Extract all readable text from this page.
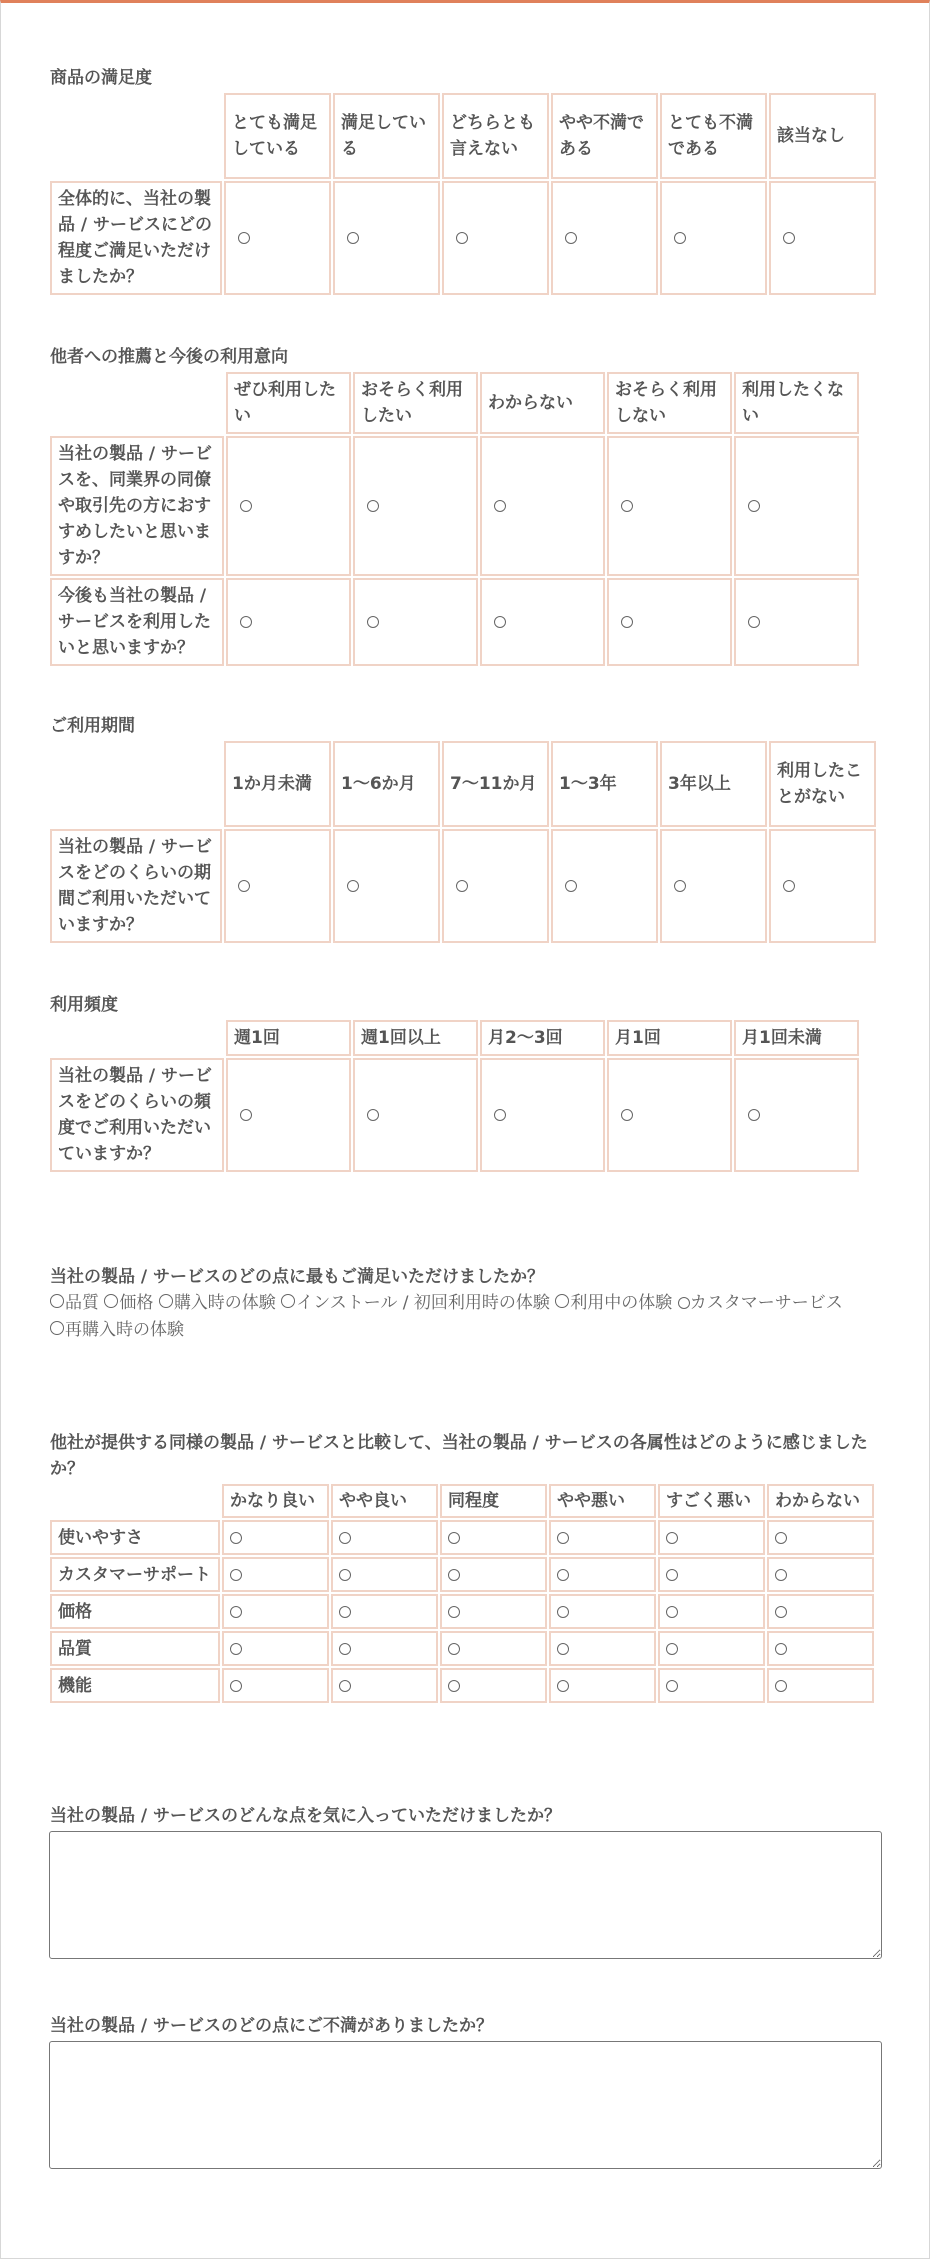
商品の満足度
	とても満足している	満足している	どちらとも言えない	やや不満である	とても不満である	該当なし
全体的に、当社の製品 / サービスにどの程度ご満足いただけましたか？						
他者への推薦と今後の利用意向
	ぜひ利用したい	おそらく利用したい	わからない	おそらく利用しない	利用したくない
当社の製品 / サービスを、同業界の同僚や取引先の方におすすめしたいと思いますか？					
今後も当社の製品 / サービスを利用したいと思いますか？					
ご利用期間
	1か月未満	1〜6か月	7〜11か月	1〜3年	3年以上	利用したことがない
当社の製品 / サービスをどのくらいの期間ご利用いただいていますか？						
利用頻度
	週1回	週1回以上	月2〜3回	月1回	月1回未満
当社の製品 / サービスをどのくらいの頻度でご利用いただいていますか？					
当社の製品 / サービスのどの点に最もご満足いただけましたか？
品質 価格 購入時の体験 インストール / 初回利用時の体験 利用中の体験 カスタマーサービス 再購入時の体験
他社が提供する同様の製品 / サービスと比較して、当社の製品 / サービスの各属性はどのように感じましたか？
	かなり良い	やや良い	同程度	やや悪い	すごく悪い	わからない
使いやすさ						
カスタマーサポート						
価格						
品質						
機能						
当社の製品 / サービスのどんな点を気に入っていただけましたか？
当社の製品 / サービスのどの点にご不満がありましたか？
